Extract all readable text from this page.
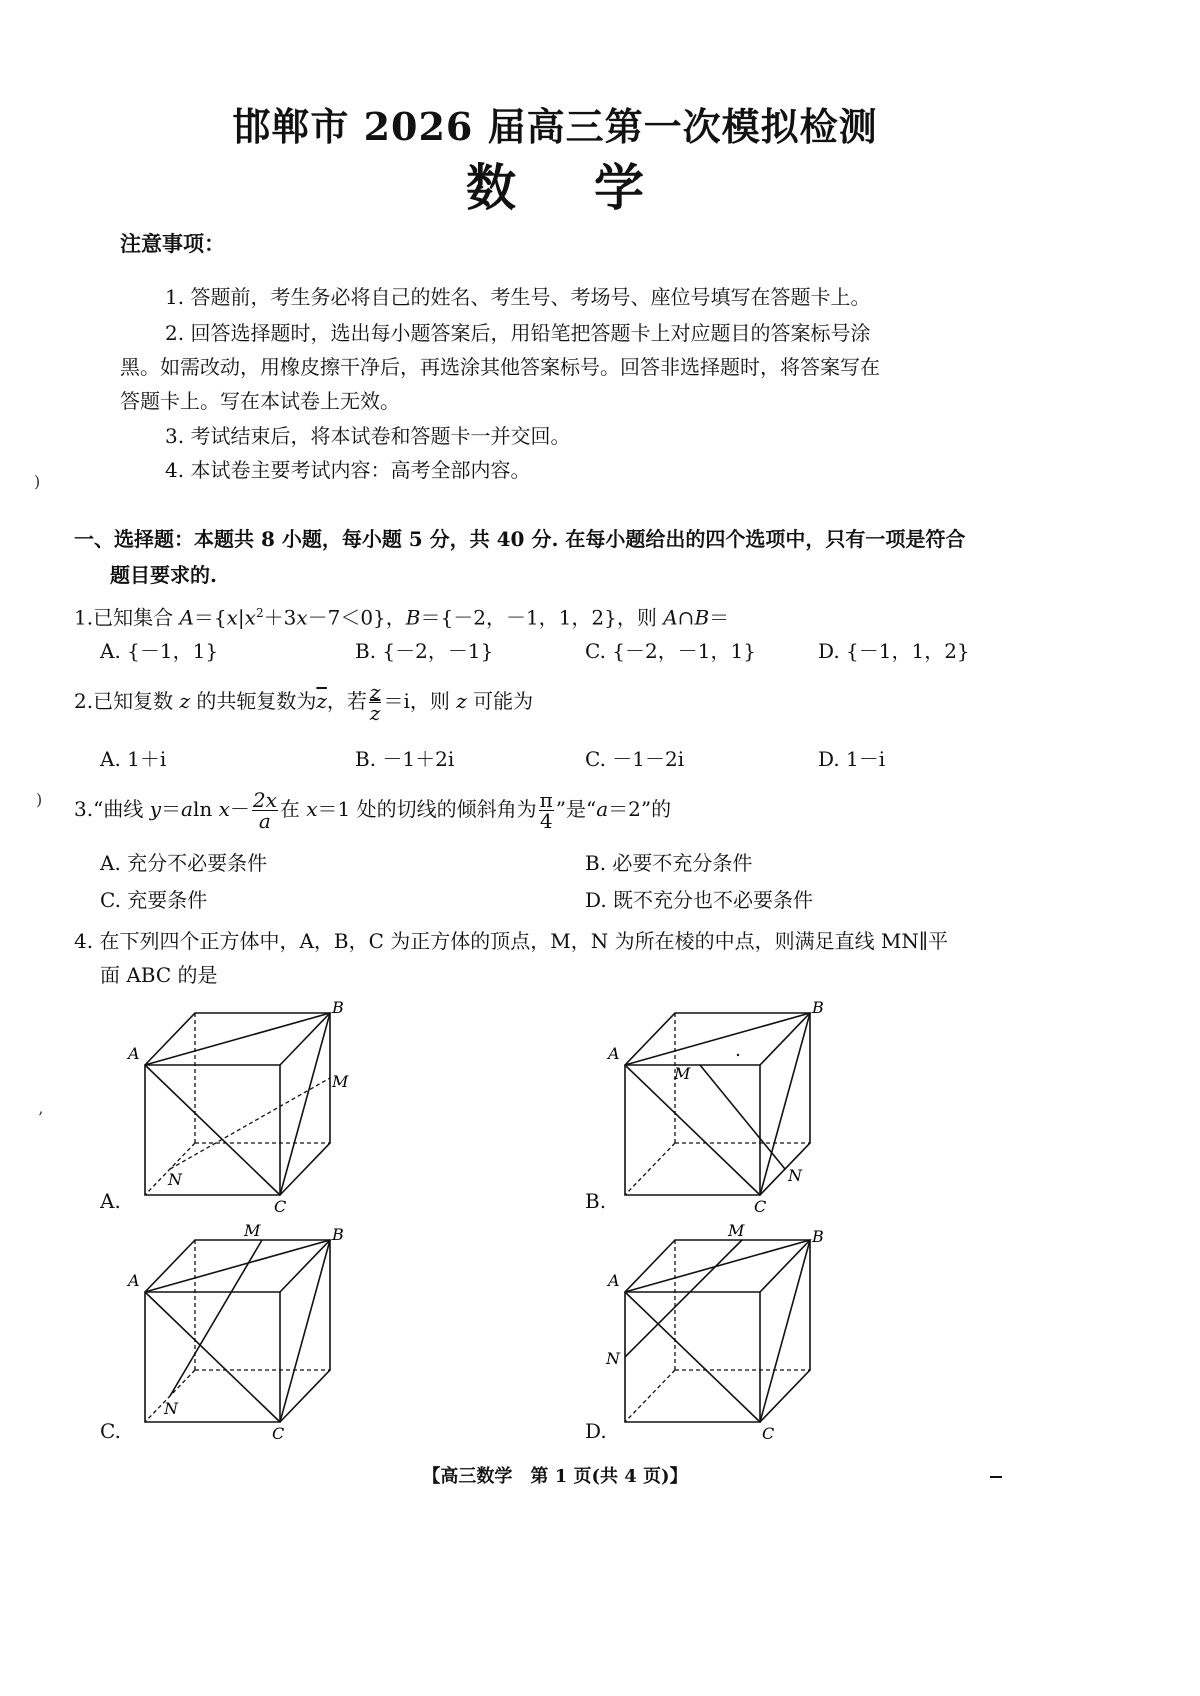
邯郸市 2026 届高三第一次模拟检测
数学
注意事项：
1. 答题前，考生务必将自己的姓名、考生号、考场号、座位号填写在答题卡上。
2. 回答选择题时，选出每小题答案后，用铅笔把答题卡上对应题目的答案标号涂
黑。如需改动，用橡皮擦干净后，再选涂其他答案标号。回答非选择题时，将答案写在
答题卡上。写在本试卷上无效。
3. 考试结束后，将本试卷和答题卡一并交回。
4. 本试卷主要考试内容：高考全部内容。
)
)
’
一、选择题：本题共 8 小题，每小题 5 分，共 40 分. 在每小题给出的四个选项中，只有一项是符合
题目要求的.
1.已知集合 $A=\{x|x^2+3x-7<0\}$，B＝{－2，－1，1，2}，则 A∩B＝
A. {－1，1}	B. {－2，－1}	C. {－2，－1，1}	D. {－1，1，2}
2.已知复数 z 的共轭复数为$\overline{z}$，若 $\frac{z}{z} =i$，则 z 可能为
A. 1＋i	B. －1＋2i	C. －1－2i	D. 1－i
3.“曲线 y＝aln $x- \frac{2x}{a}$ 在 x＝1 处的切线的倾斜角为 $\frac{\pi}{4}$ ”是“a＝2”的
A. 充分不必要条件	B. 必要不充分条件
C. 充要条件	D. 既不充分也不必要条件
4. 在下列四个正方体中，A，B，C 为正方体的顶点，M，N 为所在棱的中点，则满足直线 MN∥平
面 ABC 的是
A
B
C
M
N
A.
A
B
C
M
N
B.
A
B
C
M
N
C.
A
B
C
M
N
D.
【高三数学　第 1 页(共 4 页)】
